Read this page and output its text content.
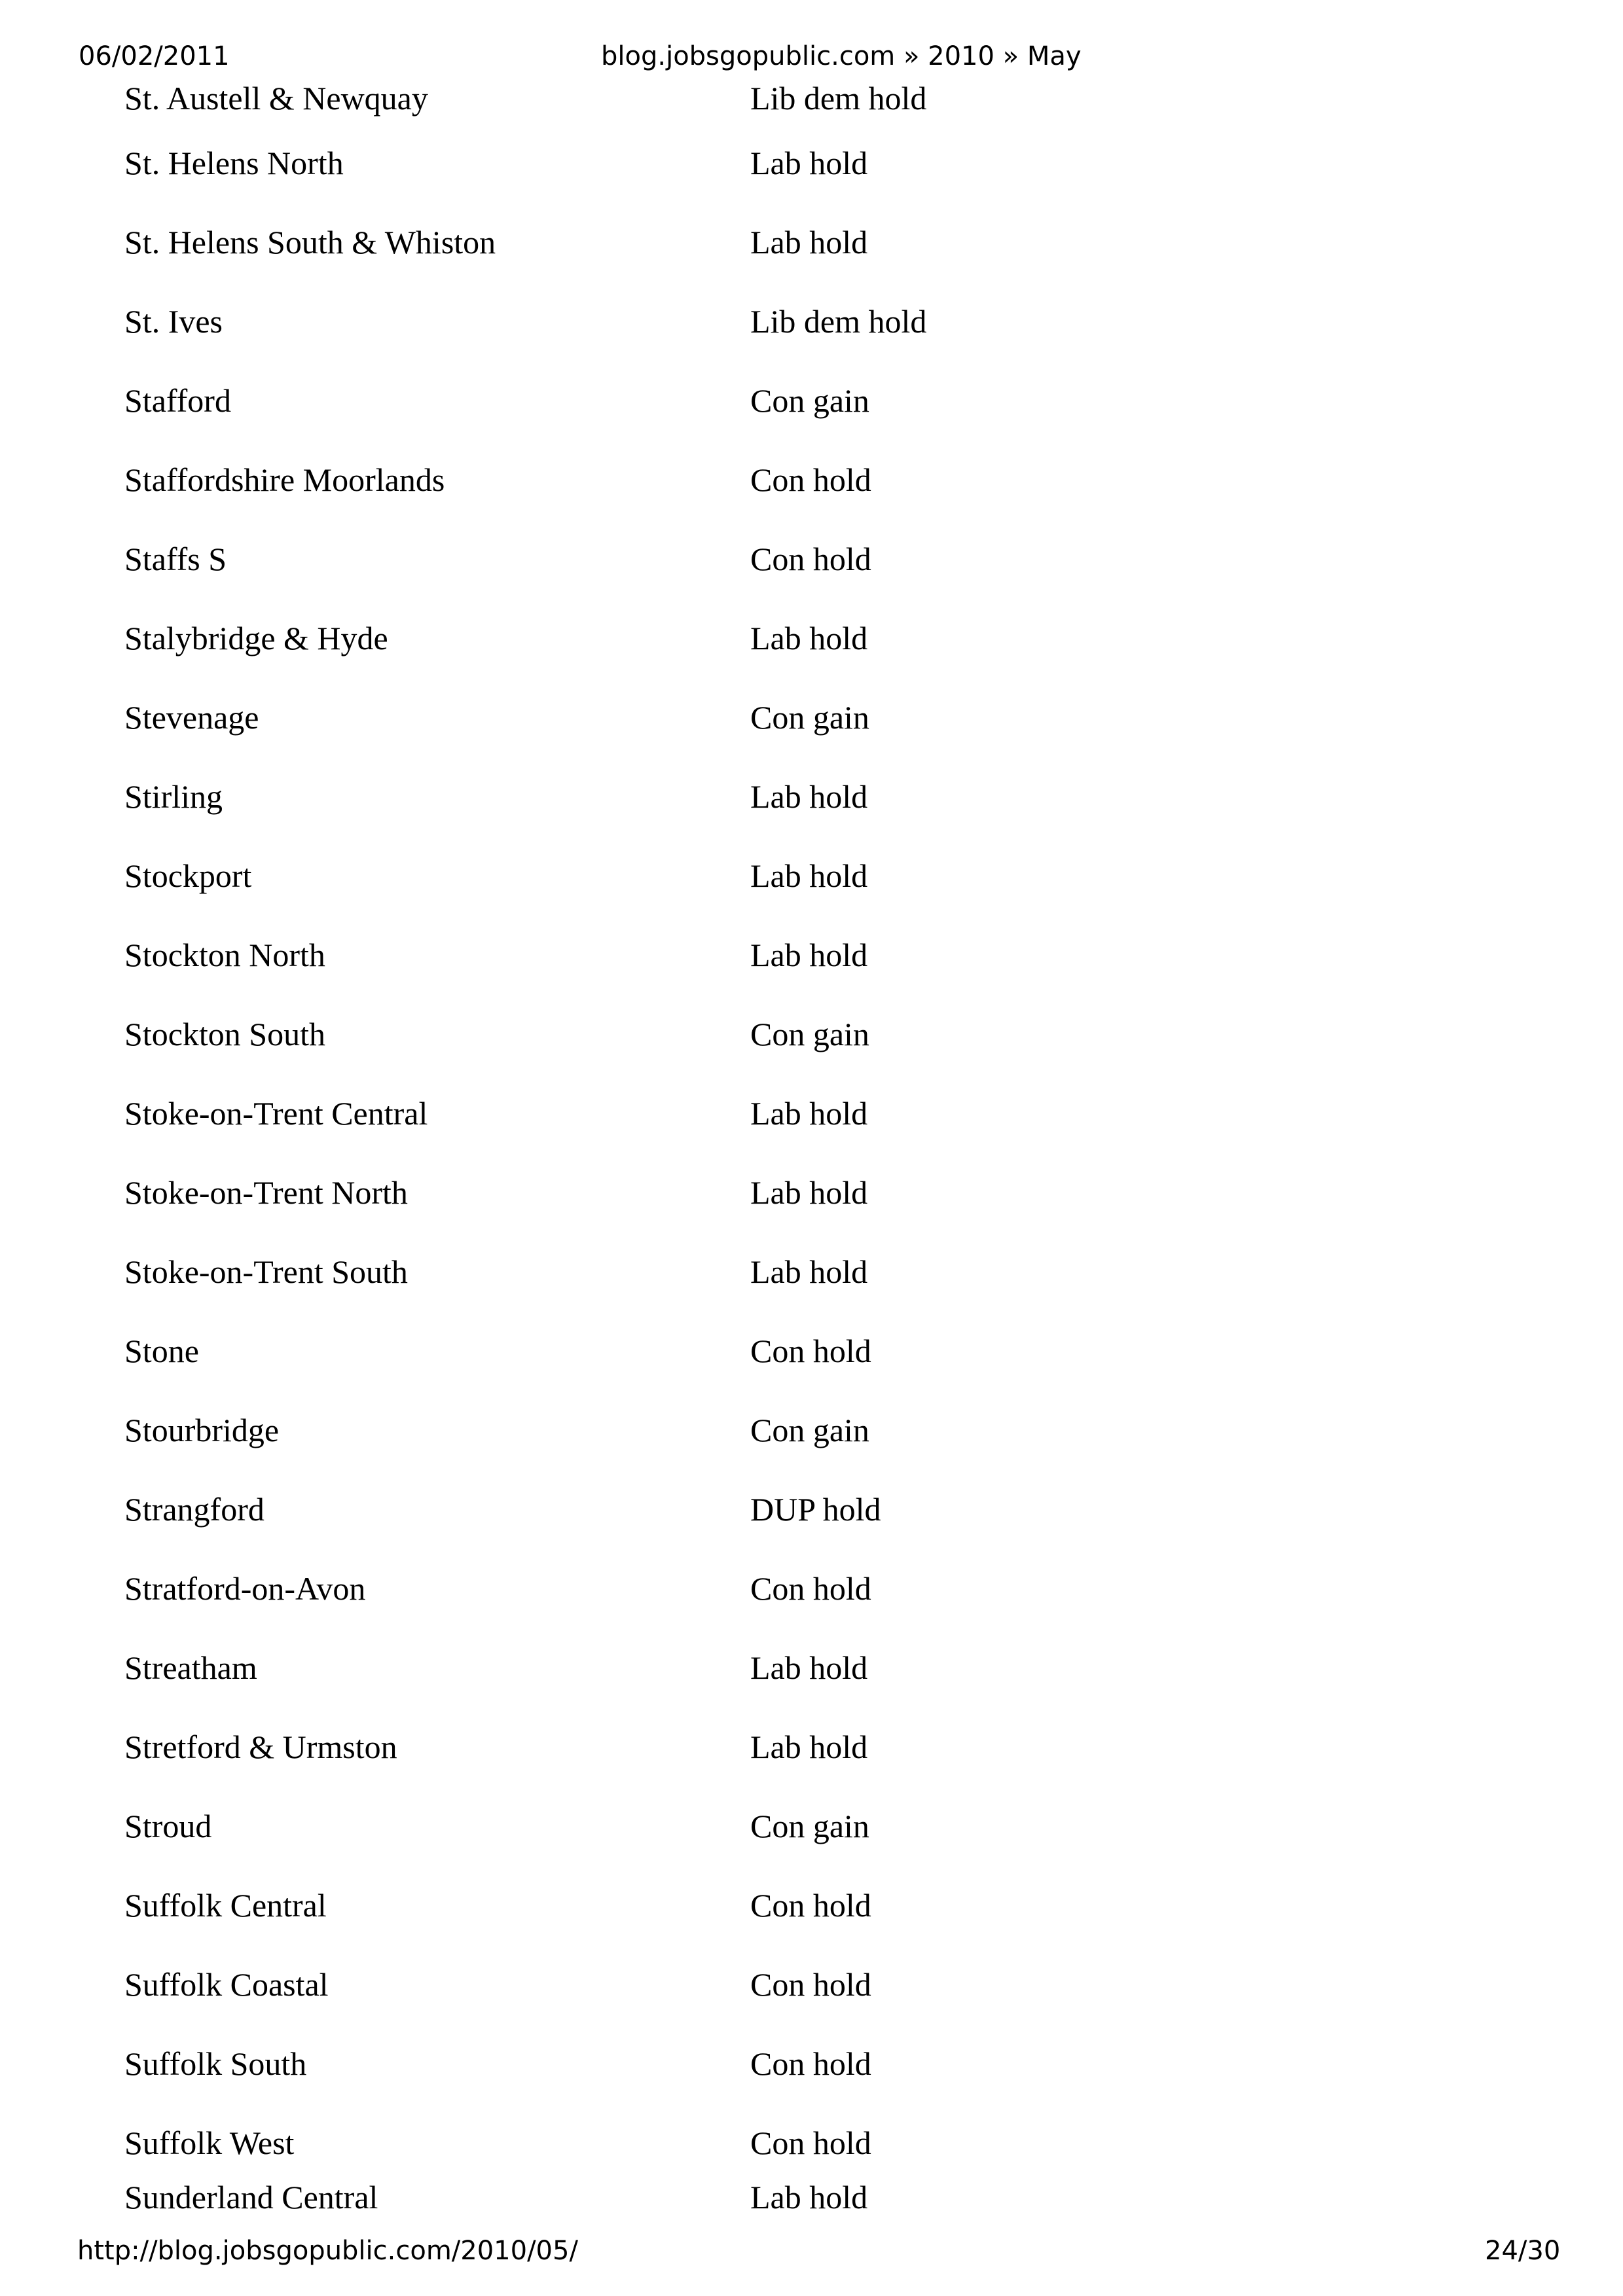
06/02/2011	blog.jobsgopublic.com » 2010 » May
St. Austell & Newquay	Lib dem hold
St. Helens North	Lab hold
St. Helens South & Whiston	Lab hold
St. Ives	Lib dem hold
Stafford	Con gain
Staffordshire Moorlands	Con hold
Staffs S	Con hold
Stalybridge & Hyde	Lab hold
Stevenage	Con gain
Stirling	Lab hold
Stockport	Lab hold
Stockton North	Lab hold
Stockton South	Con gain
Stoke-on-Trent Central	Lab hold
Stoke-on-Trent North	Lab hold
Stoke-on-Trent South	Lab hold
Stone	Con hold
Stourbridge	Con gain
Strangford	DUP hold
Stratford-on-Avon	Con hold
Streatham	Lab hold
Stretford & Urmston	Lab hold
Stroud	Con gain
Suffolk Central	Con hold
Suffolk Coastal	Con hold
Suffolk South	Con hold
Suffolk West	Con hold
Sunderland Central	Lab hold
http://blog.jobsgopublic.com/2010/05/	24/30
